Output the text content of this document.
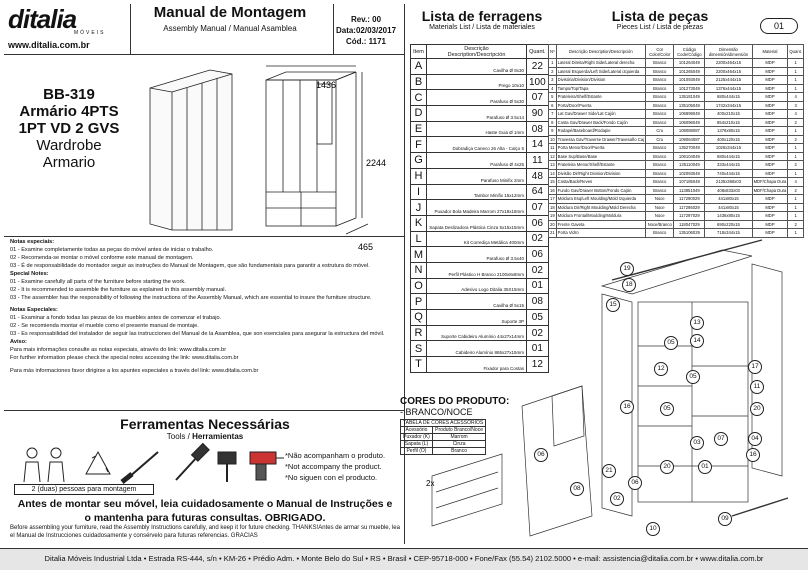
ditalia
MÓVEIS
www.ditalia.com.br
Manual de Montagem
Assembly Manual / Manual Asamblea
Rev.: 00
Data:02/03/2017
Cód.: 1171
BB-319
Armário 4PTS
1PT VD 2 GVS
Wardrobe
Armario
1436
2244
465
Notas especiais:
01 - Examine completamente todas as peças do móvel antes de iniciar o trabalho.
02 - Recomenda-se montar o móvel conforme este manual de montagem.
03 - É de responsabilidade do montador seguir as instruções do Manual de Montagem, que são fundamentais para garantir a estrutura do móvel.
Special Notes:
01 - Examine carefully all parts of the furniture before starting the work.
02 - It is recommended to assemble the furniture as explained in this assembly manual.
03 - The assembler has the responsibility of following the instructions of the Assembly Manual, which are essential to insure the furniture structure.
Notas Especiales:
01 - Examinar a fondo todas las piezas de los muebles antes de comenzar el trabajo.
02 - Se recomienda montar el mueble como el presente manual de montaje.
03 - Es responsabilidad del instalador de seguir las instrucciones del Manual de la Asamblea, que son esenciales para asegurar la estructura del móvil.
Aviso:
Para mais informações consulte as notas especiais, através do link: www.ditalia.com.br
For further information please check the special notes accessing the link: www.ditalia.com.br
Para más informaciones favor dirigirse a los apuntes especiales a través del link: www.ditalia.com.br
Ferramentas Necessárias
Tools / Herramientas
*Não acompanham o produto.
*Not accompany the product.
*No siguen con el producto.
2 (duas) pessoas para montagem
Antes de montar seu móvel, leia cuidadosamente o Manual de Instruções e
o mantenha para futuras consultas. OBRIGADO.
Before assembling your furniture, read the Assembly Instructions carefully, and keep it for future checking. THANKS!Antes de armar su mueble, lea el Manual de Instrucciones cuidadosamente y consérvelo para futuras referencias. GRACIAS
Ditalia Móveis Industrial Ltda • Estrada RS-444, s/n • KM-26 • Prédio Adm. • Monte Belo do Sul • RS • Brasil • CEP-95718-000 • Fone/Fax (55.54) 2102.5000 • e-mail: assistencia@ditalia.com.br • www.ditalia.com.br
Lista de ferragens
Materials List / Lista de materiales
Item	Descrição
Description/Descripción	Quant.
A	Cavilha Ø 8x30	22
B	Prego 10x10	100
C	Parafuso Ø 5x30	07
D	Parafuso Ø 3.5x14	90
E	Haste Guia Ø 1mm	08
F	Dobradiça Caneco 26 Alta - Calço 5	14
G	Parafuso Ø 4x25	11
H	Parafuso Minifix 2mm	48
I	Tambor Minifix 15x12mm	64
J	Puxador Bola Madeira Marrom 27x18x18mm	07
K	Sapata Deslizadora Plástica Cinza 5x15x15mm	06
L	Kit Corrediça Metálica 400mm	02
M	Parafuso Ø 3.5x40	06
N	Perfil Plástico H Branco 2100x8x8mm	02
O	Adesivo Logo Ditalia 35X15mm	01
P	Cavilha Ø 5x15	08
Q	Suporte 3P	05
R	Suporte Cabideiro Alumínio 44x27x14mm	02
S	Cabideiro Alumínio 865x27x15mm	01
T	Fixador para Costas	12
Lista de peças
Pieces List / Lista de piezas	01
Nº	Descrição Description/Descripción	Cor Color/Color	Código Code/Código	Dimensão dimensión/dimensión	Material	Quant.
1	Lateral Direita/Right Side/Lateral derecha	Branco	101264049	2200x464x15	MDP	1
2	Lateral Esquerda/Left Side/Lateral izquierda	Branco	101265049	2200x464x15	MDP	1
3	Divisória/Division/Division	Branco	101093049	2125x444x15	MDP	1
4	Tampo/Top/Tapa	Branco	101273049	1376x444x15	MDP	1
5	Prateleira/Shelf/Estante	Branco	135181049	680x444x15	MDP	4
6	Porta/Door/Puerta	Branco	135105049	1742x344x15	MDP	3
7	Lat Gav/Drawer Side/Lat Cajón	Branco	106899049	400x210x15	MDP	4
8	Costa Gav/Drawer Back/Fondo Cajón	Branco	106096049	854x210x15	MDP	2
9	Rodapé/Baseboard/Rodapie	Cru	108088087	1376x80x15	MDP	1
10	Travessa Gav/Traverse Drawer/Travesaño Caj	Cru	109064087	400x120x15	MDP	2
11	Porta Menor/Door/Puerta	Branco	135270049	1026x344x15	MDP	1
12	Base Sup/Base/Base	Branco	106104049	680x444x15	MDP	1
13	Prateleira Menor/Shelf/Estante	Branco	135110049	333x444x15	MDP	2
14	Divisão Dir/Right Division/Division	Branco	102093049	740x444x15	MDP	1
15	Costa/Back/Reves	Branco	107185049	2135x368x03	MDF/Chapa Dura	4
16	Fundo Gav/Drawer Botton/Fondo Cajón	Branco	113851049	408x833x03	MDF/Chapa Dura	2
17	Moldura Esq/Left Moulding/Mold Izquierda	Noce	117290029	441x80x15	MDP	1
18	Moldura Dir/Right Moulding/Mold Derecha	Noce	117295029	441x80x15	MDP	1
19	Moldura Frontal/Moulding/Moldura	Noce	117297029	1436x80x15	MDP	1
20	Frente Gaveta	Noce/Branco	118047029	690x220x15	MDP	2
21	Porta Vidro	Branco	135106029	718x344x15	MDP	1
CORES DO PRODUTO:
- BRANCO/NOCE
TABELA DE CORES ACESSÓRIOS	
Acessório	Produto Branco/Noce
Puxador (K)	Marrom
Sapata (L)	Cinza
Perfil (O)	Branco
2x
19
18
15
05
13
14
05
03
17
11
20
16
06
08
21
06
05
20	01
02
04
12
07
10
09
16
